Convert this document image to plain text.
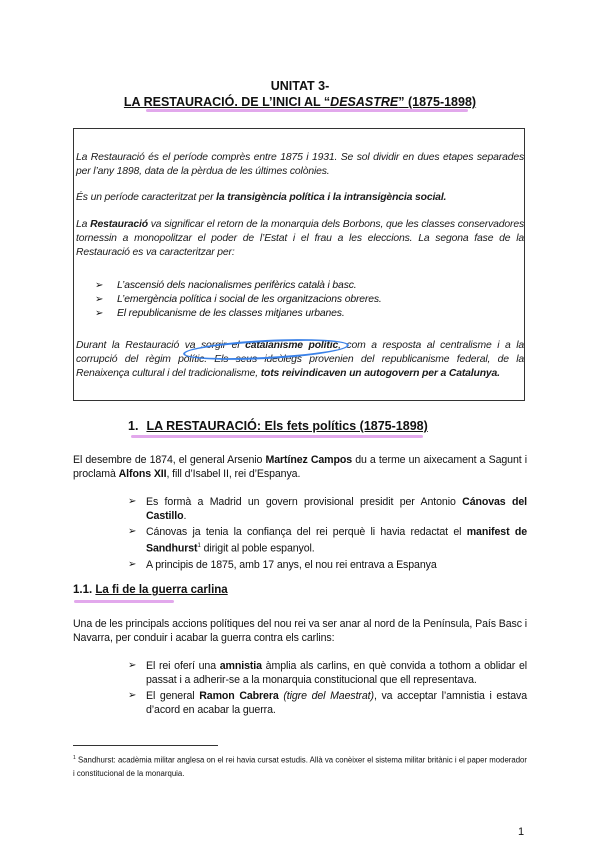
UNITAT 3-
LA RESTAURACIÓ. DE L’INICI AL “DESASTRE” (1875-1898)

La Restauració és el període comprès entre 1875 i 1931. Se sol dividir en dues etapes separades per l’any 1898, data de la pèrdua de les últimes colònies.

És un període caracteritzat per la transigència política i la intransigència social.

La Restauració va significar el retorn de la monarquia dels Borbons, que les classes conservadores tornessin a monopolitzar el poder de l’Estat i el frau a les eleccions. La segona fase de la Restauració es va caracteritzar per:

➢ L’ascensió dels nacionalismes perifèrics català i basc.
➢ L’emergència política i social de les organitzacions obreres.
➢ El republicanisme de les classes mitjanes urbanes.

Durant la Restauració va sorgir el catalanisme polític, com a resposta al centralisme i a la corrupció del règim polític. Els seus ideòlegs provenien del republicanisme federal, de la Renaixença cultural i del tradicionalisme, tots reivindicaven un autogovern per a Catalunya.

1. LA RESTAURACIÓ: Els fets polítics (1875-1898)

El desembre de 1874, el general Arsenio Martínez Campos du a terme un aixecament a Sagunt i proclamà Alfons XII, fill d’Isabel II, rei d’Espanya.

➢ Es formà a Madrid un govern provisional presidit per Antonio Cánovas del Castillo.
➢ Cánovas ja tenia la confiança del rei perquè li havia redactat el manifest de Sandhurst$^1$ dirigit al poble espanyol.
➢ A principis de 1875, amb 17 anys, el nou rei entrava a Espanya
1.1. La fi de la guerra carlina

Una de les principals accions polítiques del nou rei va ser anar al nord de la Península, País Basc i Navarra, per conduir i acabar la guerra contra els carlins:

➢ El rei oferí una amnistia àmplia als carlins, en què convida a tothom a oblidar el passat i a adherir-se a la monarquia constitucional que ell representava.
➢ El general Ramon Cabrera (tigre del Maestrat), va acceptar l’amnistia i estava d’acord en acabar la guerra.
$^1$ Sandhurst: acadèmia militar anglesa on el rei havia cursat estudis. Allà va conèixer el sistema militar britànic i el paper moderador i constitucional de la monarquia.
1
